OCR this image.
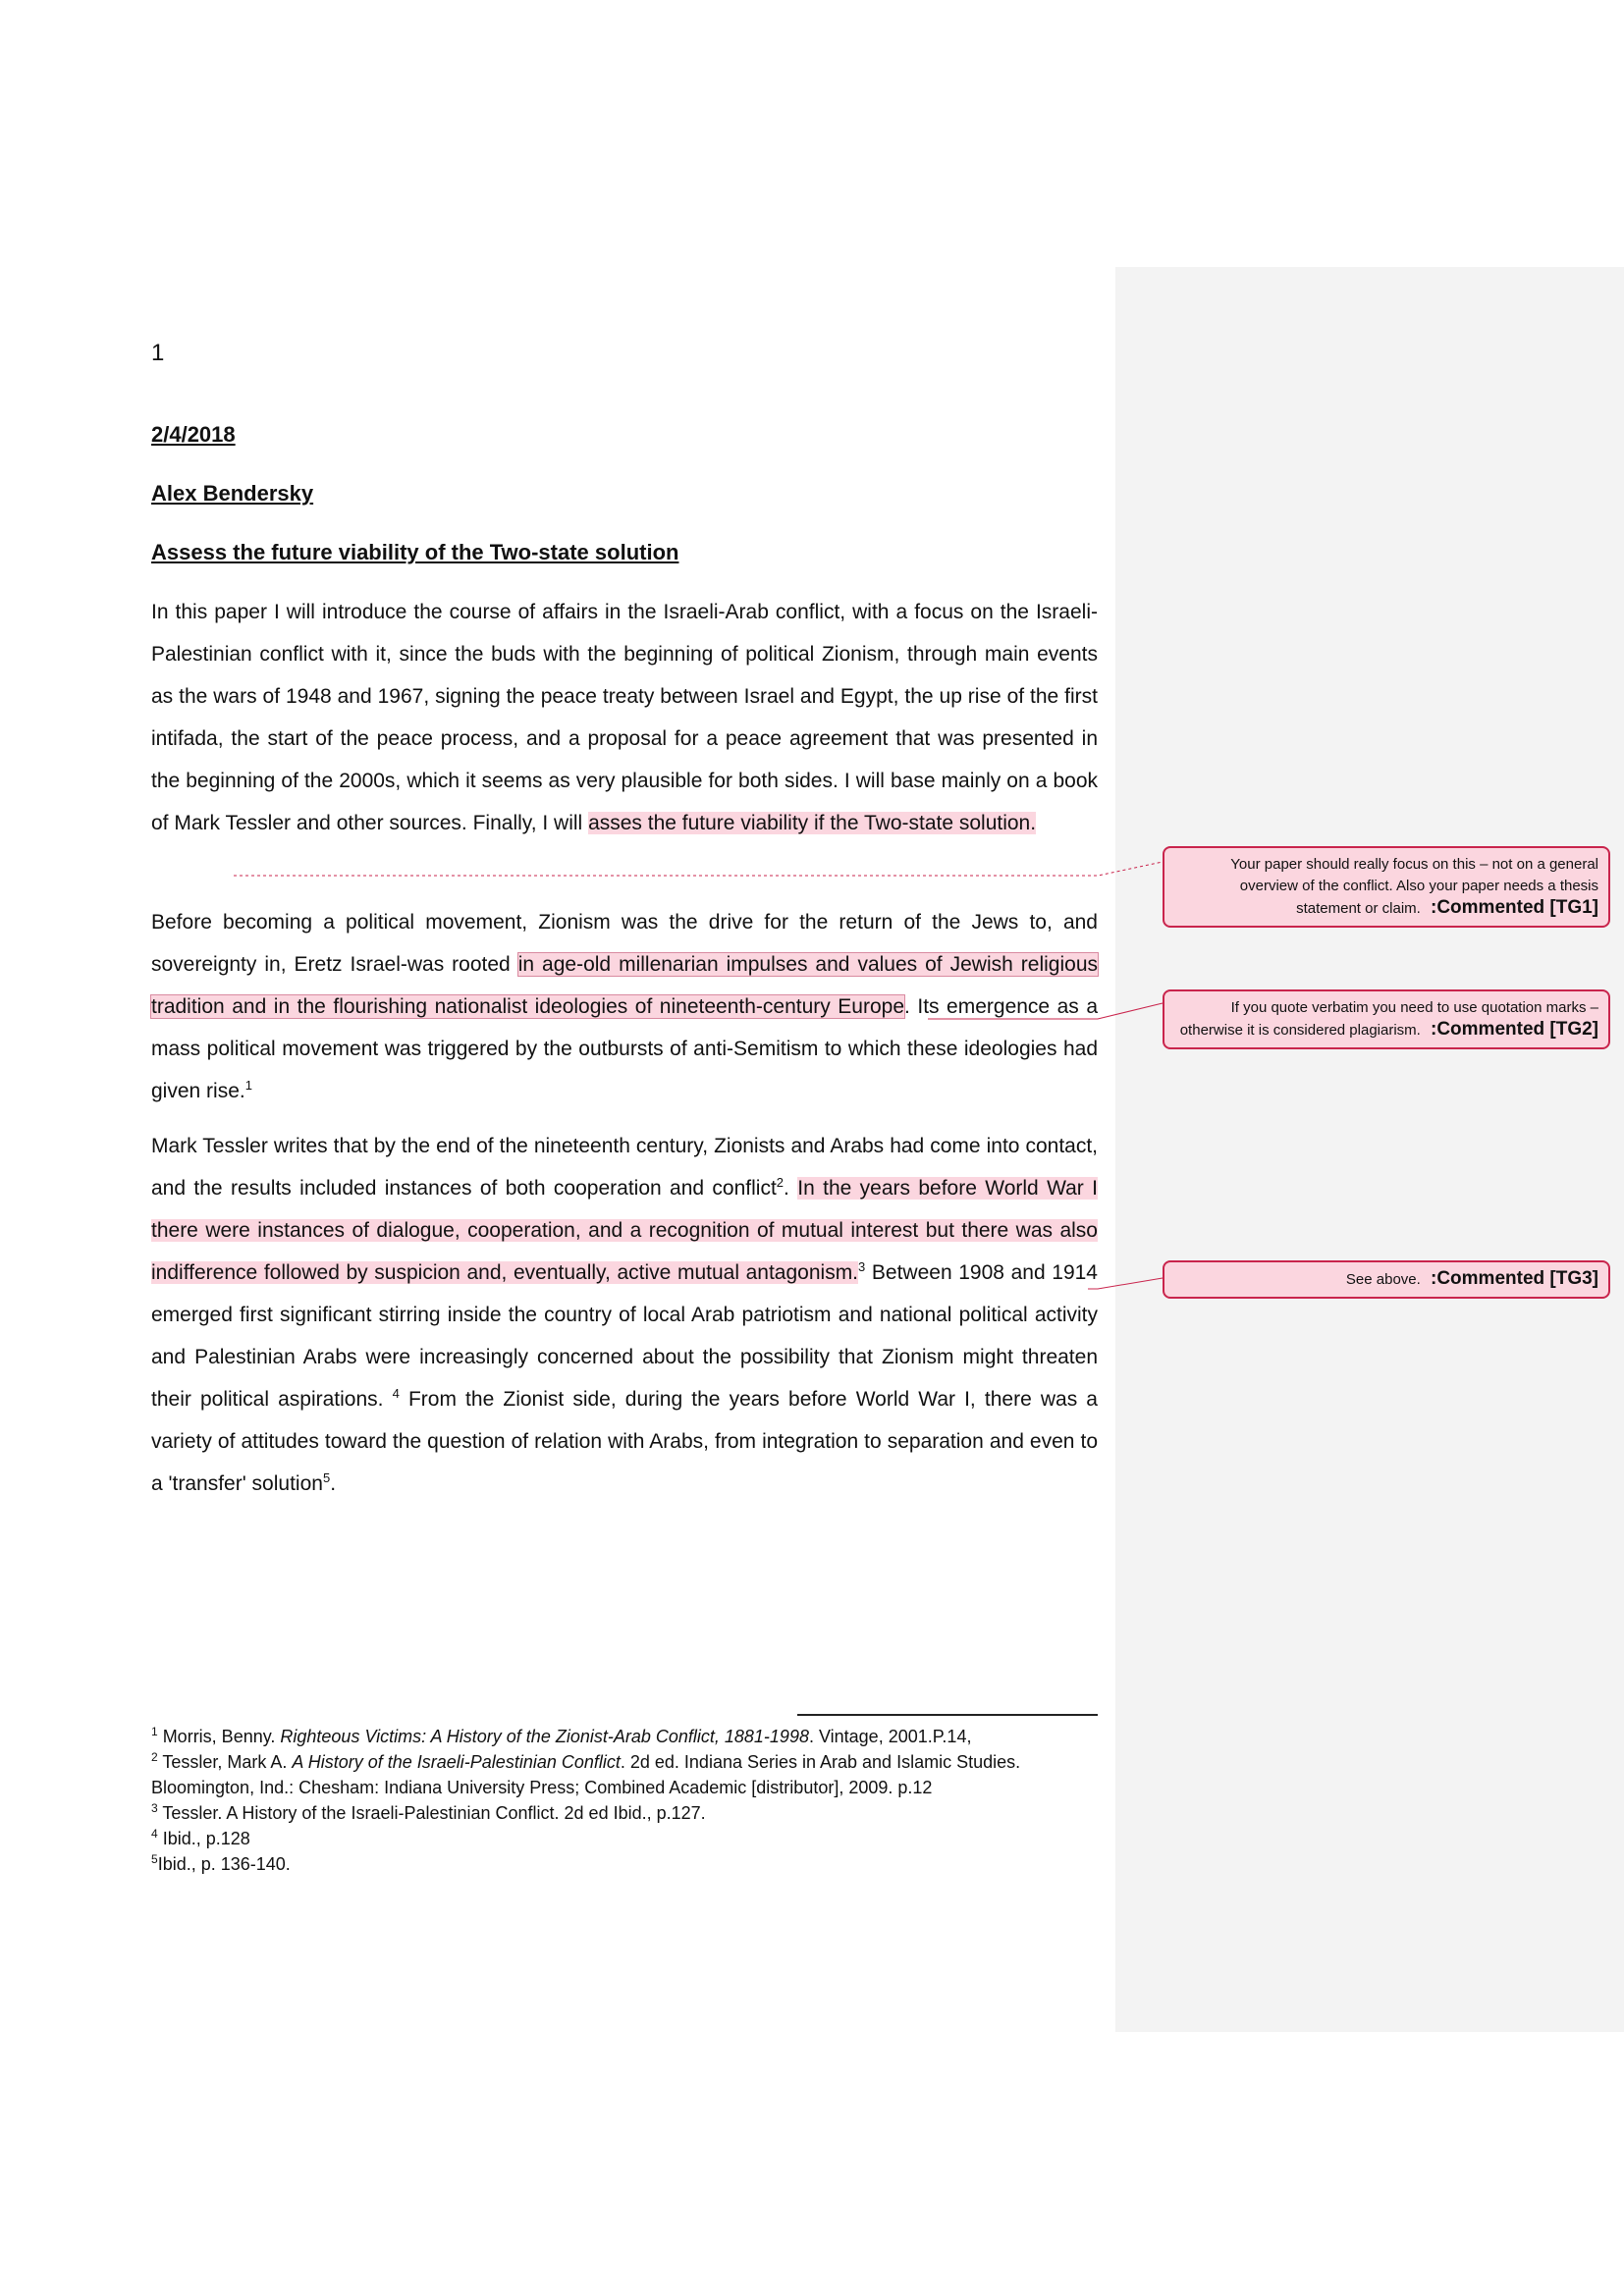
1
2/4/2018
Alex Bendersky
Assess the future viability of the Two-state solution

In this paper I will introduce the course of affairs in the Israeli-Arab conflict, with a focus on the Israeli-Palestinian conflict with it, since the buds with the beginning of political Zionism, through main events as the wars of 1948 and 1967, signing the peace treaty between Israel and Egypt, the up rise of the first intifada, the start of the peace process, and a proposal for a peace agreement that was presented in the beginning of the 2000s, which it seems as very plausible for both sides. I will base mainly on a book of Mark Tessler and other sources. Finally, I will asses the future viability if the Two-state solution.

Before becoming a political movement, Zionism was the drive for the return of the Jews to, and sovereignty in, Eretz Israel-was rooted in age-old millenarian impulses and values of Jewish religious tradition and in the flourishing nationalist ideologies of nineteenth-century Europe. Its emergence as a mass political movement was triggered by the outbursts of anti-Semitism to which these ideologies had given rise.$^1$

Mark Tessler writes that by the end of the nineteenth century, Zionists and Arabs had come into contact, and the results included instances of both cooperation and conflict$^2$. In the years before World War I there were instances of dialogue, cooperation, and a recognition of mutual interest but there was also indifference followed by suspicion and, eventually, active mutual antagonism.$^3$ Between 1908 and 1914 emerged first significant stirring inside the country of local Arab patriotism and national political activity and Palestinian Arabs were increasingly concerned about the possibility that Zionism might threaten their political aspirations. $^4$ From the Zionist side, during the years before World War I, there was a variety of attitudes toward the question of relation with Arabs, from integration to separation and even to a 'transfer' solution$^5$.

Your paper should really focus on this – not on a general overview of the conflict. Also your paper needs a thesis statement or claim. :Commented [TG1]
If you quote verbatim you need to use quotation marks – otherwise it is considered plagiarism. :Commented [TG2]
See above. :Commented [TG3]
$^1$ Morris, Benny. Righteous Victims: A History of the Zionist-Arab Conflict, 1881-1998. Vintage, 2001.P.14,
$^2$ Tessler, Mark A. A History of the Israeli-Palestinian Conflict. 2d ed. Indiana Series in Arab and Islamic Studies.
Bloomington, Ind.: Chesham: Indiana University Press; Combined Academic [distributor], 2009. p.12
$^3$ Tessler. A History of the Israeli-Palestinian Conflict. 2d ed Ibid., p.127.
$^4$ Ibid., p.128
$^5$Ibid., p. 136-140.
